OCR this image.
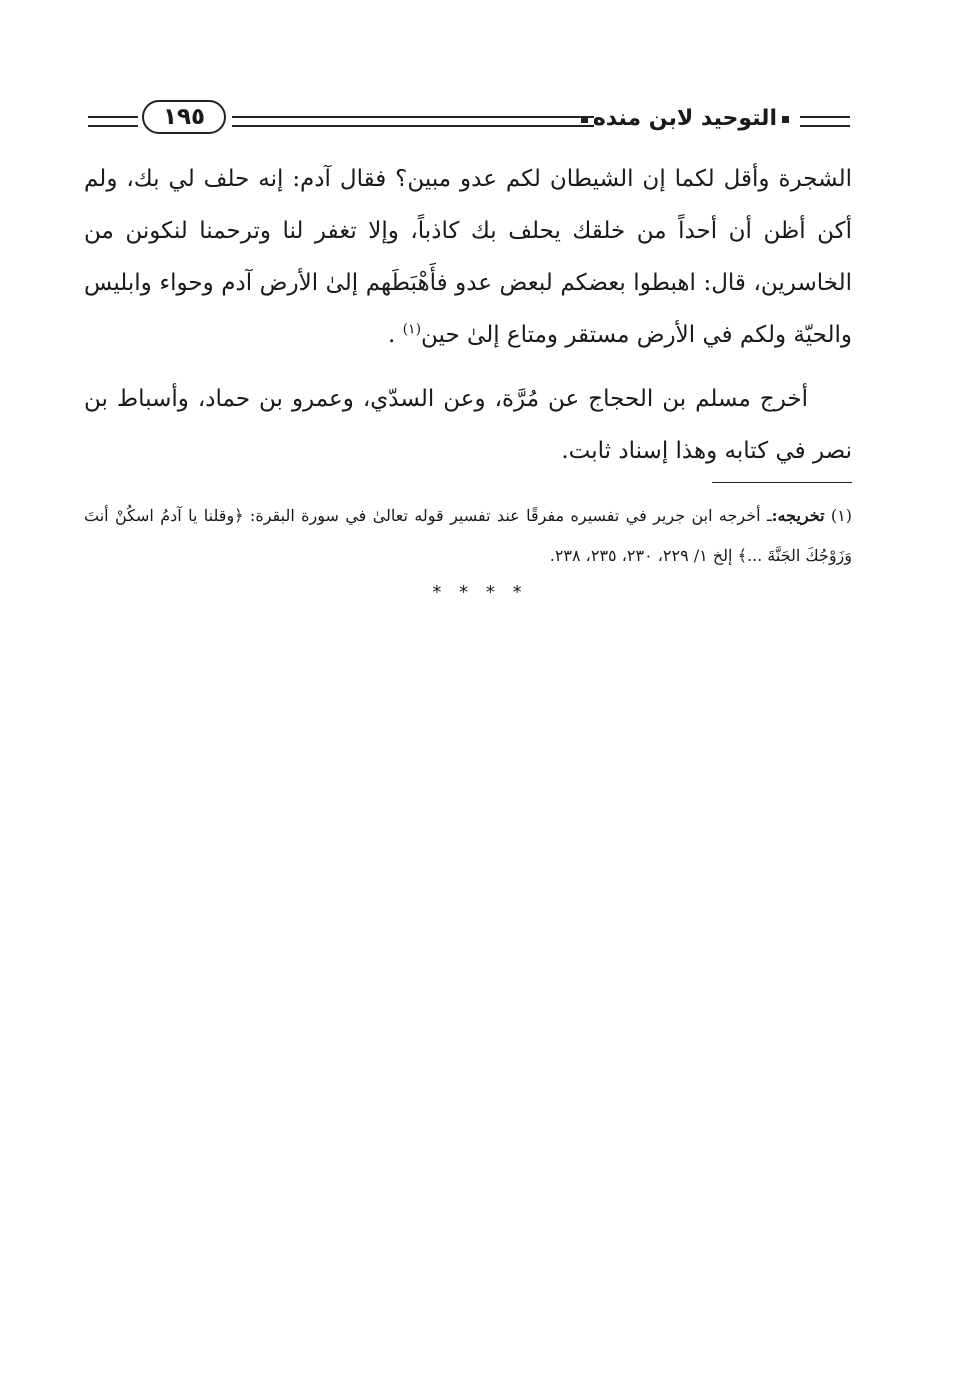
التوحيد لابن منده
١٩٥

الشجرة وأقل لكما إن الشيطان لكم عدو مبين؟ فقال آدم: إنه حلف لي بك، ولم أكن أظن أن أحداً من خلقك يحلف بك كاذباً، وإلا تغفر لنا وترحمنا لنكونن من الخاسرين، قال: اهبطوا بعضكم لبعض عدو فأَهْبَطَهم إلىٰ الأرض آدم وحواء وابليس والحيّة ولكم في الأرض مستقر ومتاع إلىٰ حين$^{(١)}$ .

أخرج مسلم بن الحجاج عن مُرَّة، وعن السدّي، وعمرو بن حماد، وأسباط بن نصر في كتابه وهذا إسناد ثابت.

(١) تخريجه:ـ أخرجه ابن جرير في تفسيره مفرقًا عند تفسير قوله تعالىٰ في سورة البقرة: ﴿وقلنا يا آدمُ اسكُنْ أنتَ وَزَوْجُكَ الجَنَّةَ ...﴾ إلخ ١/ ٢٢٩، ٢٣٠، ٢٣٥، ٢٣٨.
* * * *
